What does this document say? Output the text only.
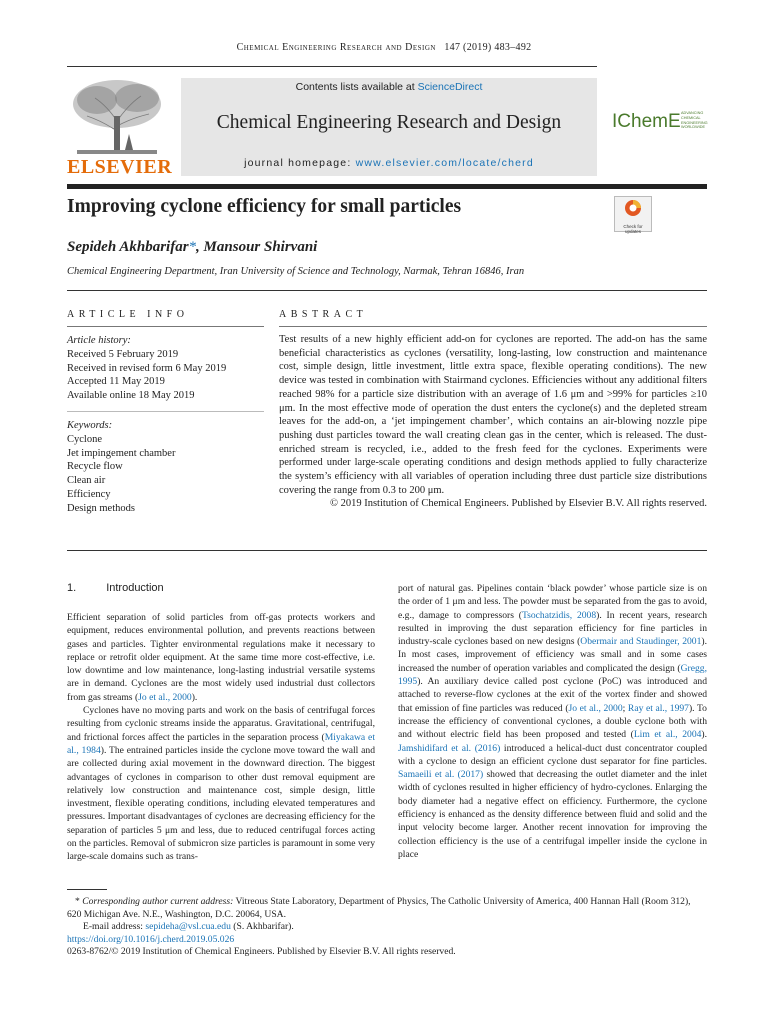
Chemical Engineering Research and Design 147 (2019) 483–492
ELSEVIER
Contents lists available at ScienceDirect
Chemical Engineering Research and Design
journal homepage: www.elsevier.com/locate/cherd
IChemE ADVANCING
CHEMICAL
ENGINEERING
WORLDWIDE
Improving cyclone efficiency for small particles
Check for updates
Sepideh Akhbarifar*, Mansour Shirvani
Chemical Engineering Department, Iran University of Science and Technology, Narmak, Tehran 16846, Iran
ARTICLE INFO
Article history:
Received 5 February 2019
Received in revised form 6 May 2019
Accepted 11 May 2019
Available online 18 May 2019
Keywords:
Cyclone
Jet impingement chamber
Recycle flow
Clean air
Efficiency
Design methods
ABSTRACT
Test results of a new highly efficient add-on for cyclones are reported. The add-on has the same beneficial characteristics as cyclones (versatility, long-lasting, low construction and maintenance cost, simple design, little investment, little extra space, flexible operating conditions). The new device was tested in combination with Stairmand cyclones. Efficiencies without any additional filters reached 98% for a particle size distribution with an average of 1.6 μm and >99% for particles ≥10 μm. In the most effective mode of operation the dust enters the cyclone(s) and the depleted stream leaves for the add-on, a ‘jet impingement chamber’, which contains an air-blowing nozzle pipe pushing dust particles toward the wall creating clean gas in the center, which is released. The dust-enriched stream is recycled, i.e., added to the fresh feed for the cyclones. Experiments were performed under large-scale operating conditions and design methods applied to fully characterize the system’s efficiency with all variables of operation including three dust particle size distributions covering the range from 0.3 to 200 μm.
© 2019 Institution of Chemical Engineers. Published by Elsevier B.V. All rights reserved.
1.	Introduction

Efficient separation of solid particles from off-gas protects workers and equipment, reduces environmental pollution, and prevents reactions between gases and particles. Tighter environmental regulations make it necessary to replace or retrofit older equipment. At the same time more cost-effective, i.e. low downtime and low maintenance, long-lasting industrial versatile systems are in demand. Cyclones are the most widely used industrial dust collectors from gas streams (Jo et al., 2000).

Cyclones have no moving parts and work on the basis of centrifugal forces resulting from cyclonic streams inside the apparatus. Gravitational, centrifugal, and frictional forces affect the particles in the separation process (Miyakawa et al., 1984). The entrained particles inside the cyclone move toward the wall and are collected during axial movement in the downward direction. The biggest advantages of cyclones in comparison to other dust removal equipment are relatively low construction and maintenance cost, simple design, little investment, flexible operating conditions, including elevated temperatures and pressures. Important disadvantages of cyclones are decreasing efficiency for the separation of particles 5 μm and less, due to reduced centrifugal forces acting on the particles. Removal of submicron size particles is paramount in some very large-scale domains such as trans-

port of natural gas. Pipelines contain ‘black powder’ whose particle size is on the order of 1 μm and less. The powder must be separated from the gas to avoid, e.g., damage to compressors (Tsochatzidis, 2008). In recent years, research resulted in improving the dust separation efficiency for fine particles in industry-scale cyclones based on new designs (Obermair and Staudinger, 2001). In most cases, improvement of efficiency was small and in some cases increased the number of operation variables and complicated the design (Gregg, 1995). An auxiliary device called post cyclone (PoC) was introduced and attached to reverse-flow cyclones at the exit of the vortex finder and showed that emission of fine particles was reduced (Jo et al., 2000; Ray et al., 1997). To increase the efficiency of conventional cyclones, a double cyclone both with and without electric field has been proposed and tested (Lim et al., 2004). Jamshidifard et al. (2016) introduced a helical-duct dust concentrator coupled with a cyclone to design an efficient cyclone dust separator for fine particles. Samaeili et al. (2017) showed that decreasing the outlet diameter and the inlet width of cyclones resulted in higher efficiency of hydro-cyclones. Enlarging the body diameter had a negative effect on efficiency. Furthermore, the cyclone efficiency is enhanced as the density difference between fluid and solid and the input velocity become larger. Another recent innovation for improving the collection efficiency is the use of a centrifugal impeller inside the cyclone in place

* Corresponding author current address: Vitreous State Laboratory, Department of Physics, The Catholic University of America, 400 Hannan Hall (Room 312), 620 Michigan Ave. N.E., Washington, D.C. 20064, USA.

E-mail address: sepideha@vsl.cua.edu (S. Akhbarifar).

https://doi.org/10.1016/j.cherd.2019.05.026

0263-8762/© 2019 Institution of Chemical Engineers. Published by Elsevier B.V. All rights reserved.
